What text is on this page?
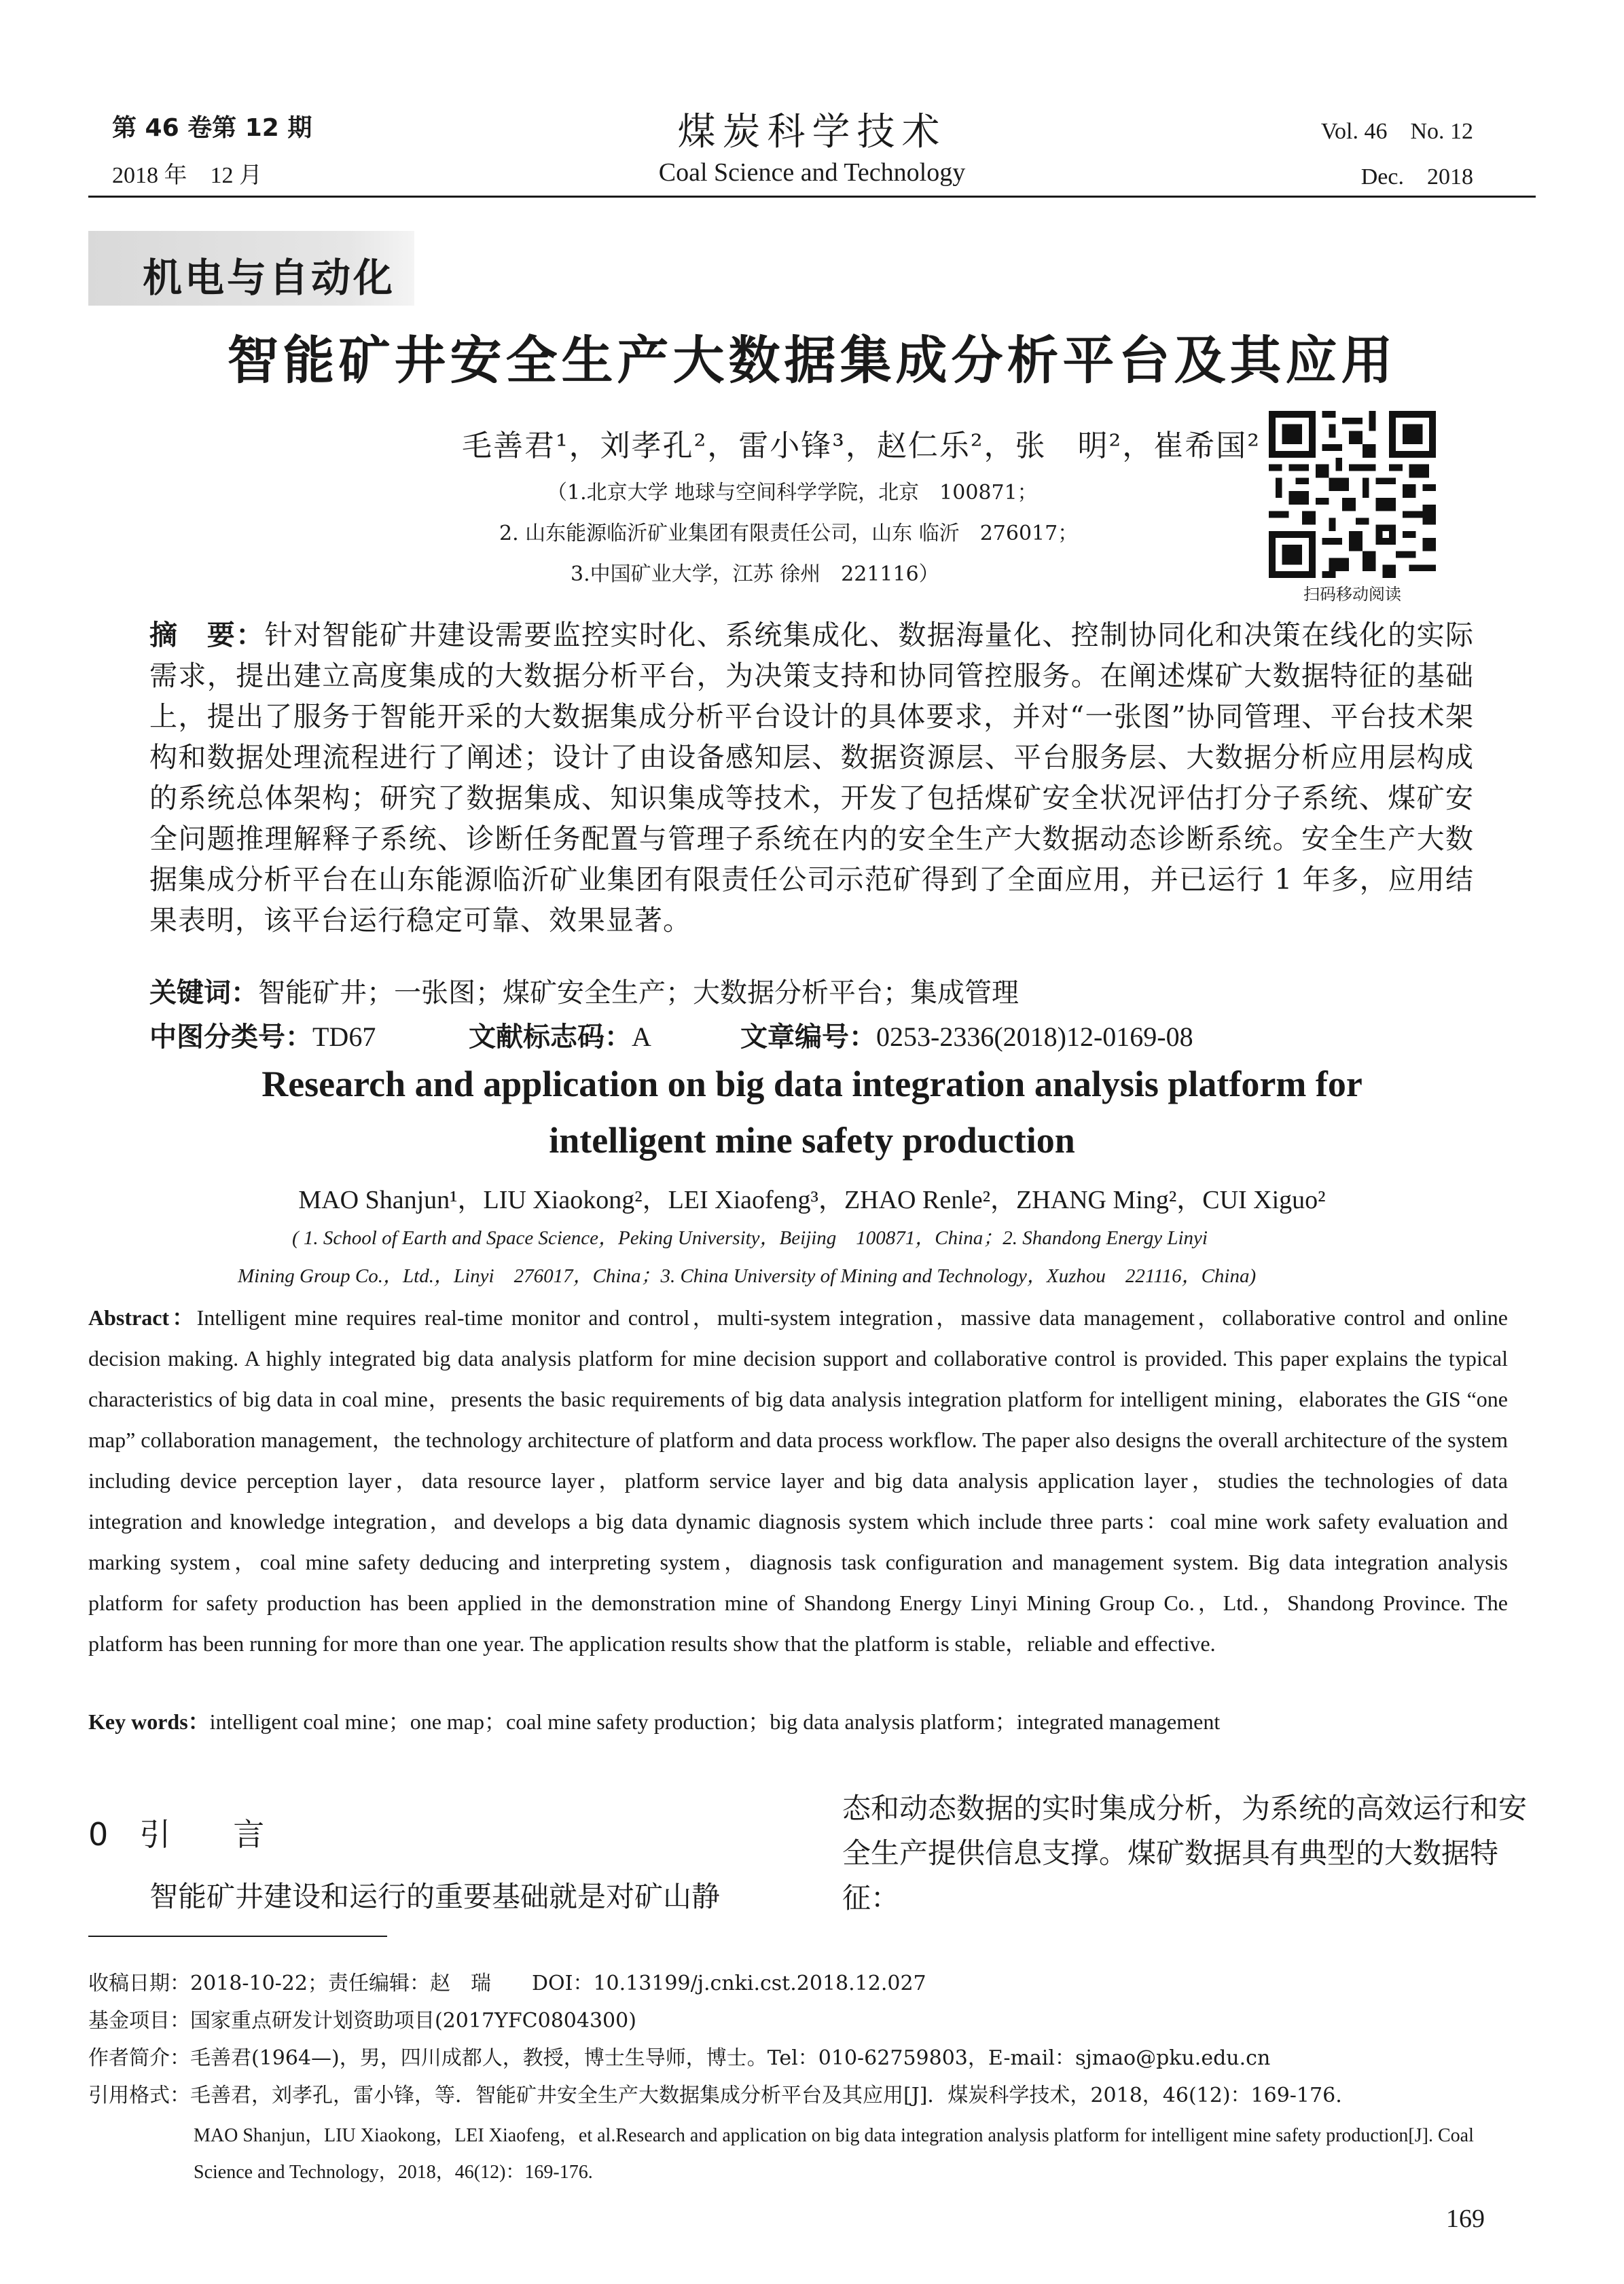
第 46 卷第 12 期
2018 年　12 月
煤炭科学技术
Coal Science and Technology
Vol. 46　No. 12
Dec.　2018
机电与自动化
智能矿井安全生产大数据集成分析平台及其应用
毛善君¹，刘孝孔²，雷小锋³，赵仁乐²，张　明²，崔希国²
（1.北京大学 地球与空间科学学院，北京　100871；
2. 山东能源临沂矿业集团有限责任公司，山东 临沂　276017；
3.中国矿业大学，江苏 徐州　221116）
扫码移动阅读
摘　要：针对智能矿井建设需要监控实时化、系统集成化、数据海量化、控制协同化和决策在线化的实际需求，提出建立高度集成的大数据分析平台，为决策支持和协同管控服务。在阐述煤矿大数据特征的基础上，提出了服务于智能开采的大数据集成分析平台设计的具体要求，并对“一张图”协同管理、平台技术架构和数据处理流程进行了阐述；设计了由设备感知层、数据资源层、平台服务层、大数据分析应用层构成的系统总体架构；研究了数据集成、知识集成等技术，开发了包括煤矿安全状况评估打分子系统、煤矿安全问题推理解释子系统、诊断任务配置与管理子系统在内的安全生产大数据动态诊断系统。安全生产大数据集成分析平台在山东能源临沂矿业集团有限责任公司示范矿得到了全面应用，并已运行 1 年多，应用结果表明，该平台运行稳定可靠、效果显著。
关键词：智能矿井；一张图；煤矿安全生产；大数据分析平台；集成管理
中图分类号：TD67	文献标志码：A	文章编号：0253-2336(2018)12-0169-08
Research and application on big data integration analysis platform for
intelligent mine safety production
MAO Shanjun¹，LIU Xiaokong²，LEI Xiaofeng³，ZHAO Renle²，ZHANG Ming²，CUI Xiguo²
( 1. School of Earth and Space Science，Peking University，Beijing　100871，China；2. Shandong Energy Linyi
Mining Group Co.，Ltd.，Linyi　276017，China；3. China University of Mining and Technology，Xuzhou　221116，China)
Abstract：Intelligent mine requires real-time monitor and control，multi-system integration，massive data management，collaborative control and online decision making. A highly integrated big data analysis platform for mine decision support and collaborative control is provided. This paper explains the typical characteristics of big data in coal mine，presents the basic requirements of big data analysis integration platform for intelligent mining，elaborates the GIS “one map” collaboration management，the technology architecture of platform and data process workflow. The paper also designs the overall architecture of the system including device perception layer，data resource layer，platform service layer and big data analysis application layer，studies the technologies of data integration and knowledge integration，and develops a big data dynamic diagnosis system which include three parts：coal mine work safety evaluation and marking system，coal mine safety deducing and interpreting system，diagnosis task configuration and management system. Big data integration analysis platform for safety production has been applied in the demonstration mine of Shandong Energy Linyi Mining Group Co.，Ltd.，Shandong Province. The platform has been running for more than one year. The application results show that the platform is stable，reliable and effective.
Key words：intelligent coal mine；one map；coal mine safety production；big data analysis platform；integrated management
0　引　　言
智能矿井建设和运行的重要基础就是对矿山静
态和动态数据的实时集成分析，为系统的高效运行和安全生产提供信息支撑。煤矿数据具有典型的大数据特征：
收稿日期：2018-10-22；责任编辑：赵　瑞　　DOI：10.13199/j.cnki.cst.2018.12.027
基金项目：国家重点研发计划资助项目(2017YFC0804300)
作者简介：毛善君(1964—)，男，四川成都人，教授，博士生导师，博士。Tel：010-62759803，E-mail：sjmao@pku.edu.cn
引用格式：毛善君，刘孝孔，雷小锋，等．智能矿井安全生产大数据集成分析平台及其应用[J]．煤炭科学技术，2018，46(12)：169-176.
MAO Shanjun，LIU Xiaokong，LEI Xiaofeng，et al.Research and application on big data integration analysis platform for intelligent mine safety production[J]. Coal Science and Technology，2018，46(12)：169-176.
169
